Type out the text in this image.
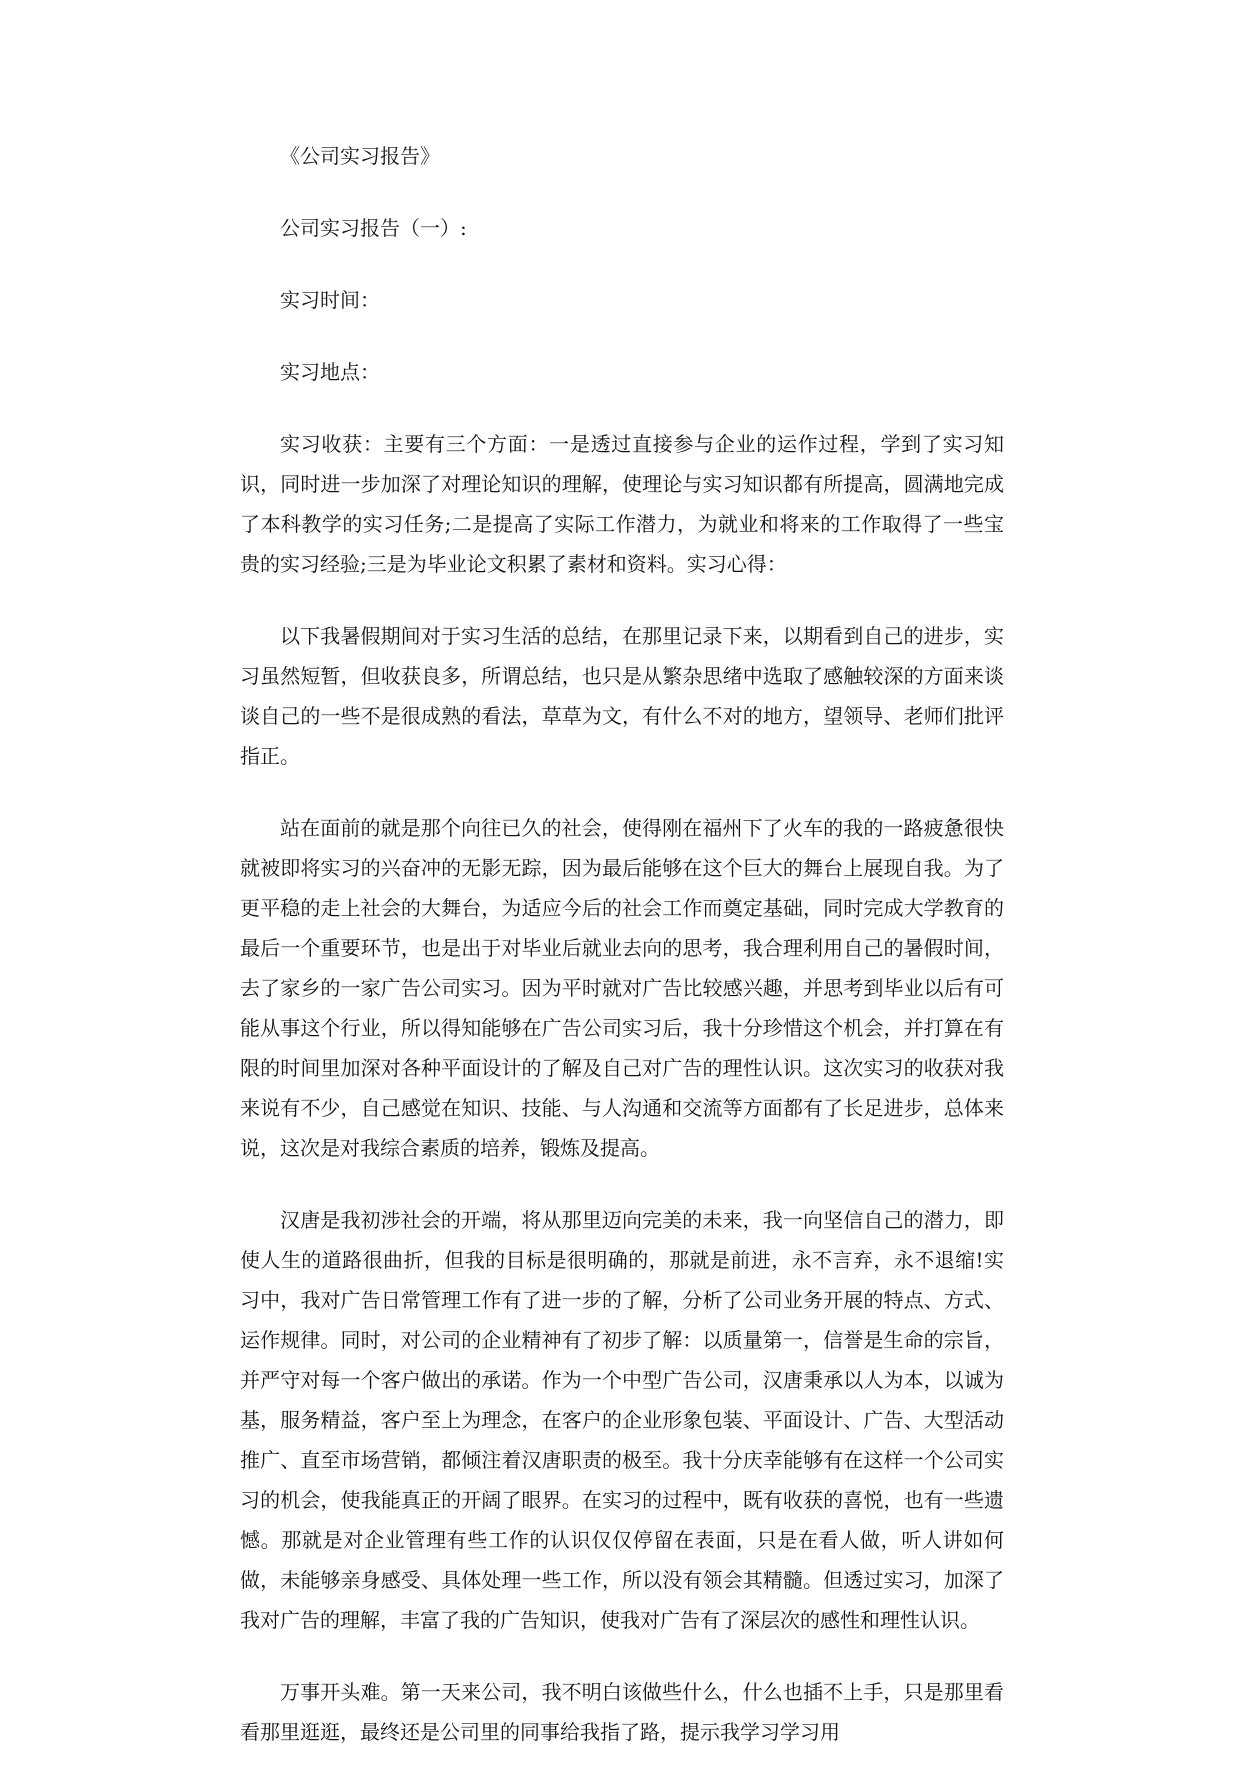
《公司实习报告》
公司实习报告（一）:
实习时间：
实习地点：

实习收获：主要有三个方面：一是透过直接参与企业的运作过程，学到了实习知识，同时进一步加深了对理论知识的理解，使理论与实习知识都有所提高，圆满地完成了本科教学的实习任务;二是提高了实际工作潜力，为就业和将来的工作取得了一些宝贵的实习经验;三是为毕业论文积累了素材和资料。实习心得：

以下我暑假期间对于实习生活的总结，在那里记录下来，以期看到自己的进步，实习虽然短暂，但收获良多，所谓总结，也只是从繁杂思绪中选取了感触较深的方面来谈谈自己的一些不是很成熟的看法，草草为文，有什么不对的地方，望领导、老师们批评指正。

站在面前的就是那个向往已久的社会，使得刚在福州下了火车的我的一路疲惫很快就被即将实习的兴奋冲的无影无踪，因为最后能够在这个巨大的舞台上展现自我。为了更平稳的走上社会的大舞台，为适应今后的社会工作而奠定基础，同时完成大学教育的最后一个重要环节，也是出于对毕业后就业去向的思考，我合理利用自己的暑假时间，去了家乡的一家广告公司实习。因为平时就对广告比较感兴趣，并思考到毕业以后有可能从事这个行业，所以得知能够在广告公司实习后，我十分珍惜这个机会，并打算在有限的时间里加深对各种平面设计的了解及自己对广告的理性认识。这次实习的收获对我来说有不少，自己感觉在知识、技能、与人沟通和交流等方面都有了长足进步，总体来说，这次是对我综合素质的培养，锻炼及提高。

汉唐是我初涉社会的开端，将从那里迈向完美的未来，我一向坚信自己的潜力，即使人生的道路很曲折，但我的目标是很明确的，那就是前进，永不言弃，永不退缩!实习中，我对广告日常管理工作有了进一步的了解，分析了公司业务开展的特点、方式、运作规律。同时，对公司的企业精神有了初步了解：以质量第一，信誉是生命的宗旨，并严守对每一个客户做出的承诺。作为一个中型广告公司，汉唐秉承以人为本，以诚为基，服务精益，客户至上为理念，在客户的企业形象包装、平面设计、广告、大型活动推广、直至市场营销，都倾注着汉唐职责的极至。我十分庆幸能够有在这样一个公司实习的机会，使我能真正的开阔了眼界。在实习的过程中，既有收获的喜悦，也有一些遗憾。那就是对企业管理有些工作的认识仅仅停留在表面，只是在看人做，听人讲如何做，未能够亲身感受、具体处理一些工作，所以没有领会其精髓。但透过实习，加深了我对广告的理解，丰富了我的广告知识，使我对广告有了深层次的感性和理性认识。

万事开头难。第一天来公司，我不明白该做些什么，什么也插不上手，只是那里看看那里逛逛，最终还是公司里的同事给我指了路，提示我学习学习用
